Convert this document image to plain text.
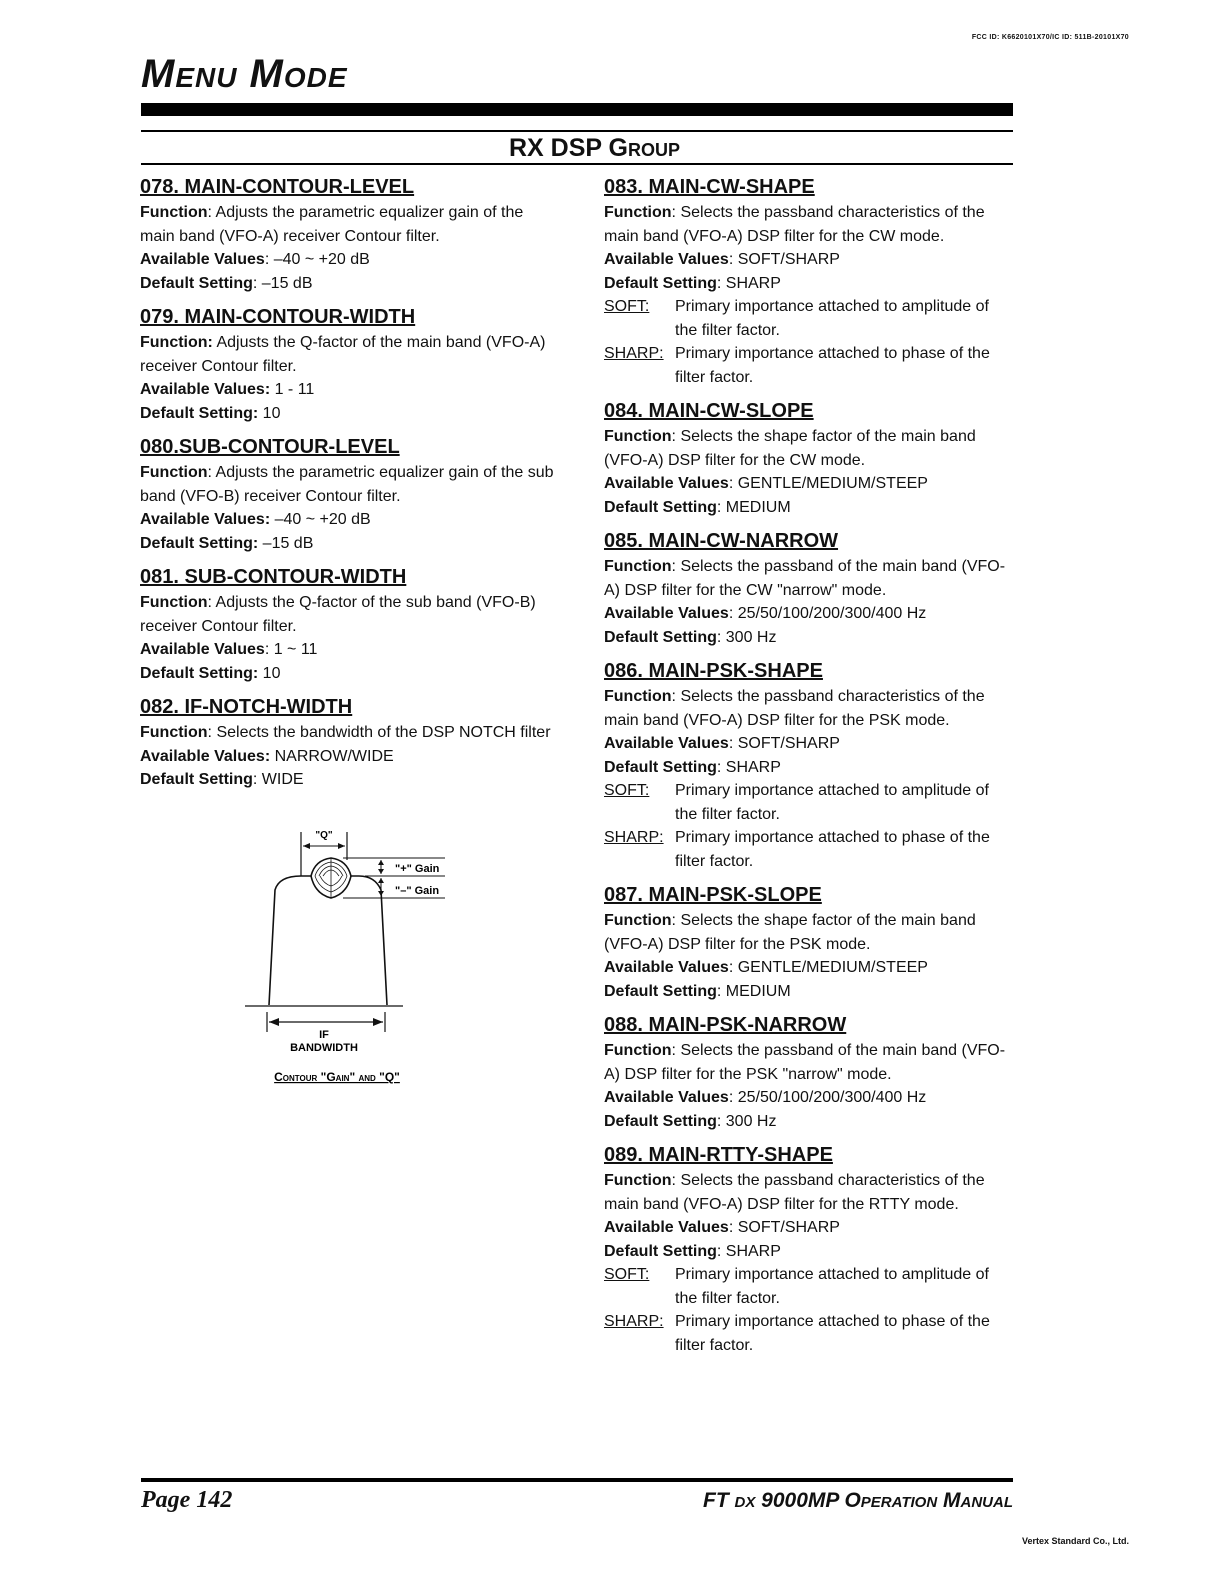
FCC ID: K6620101X70/IC ID: 511B-20101X70
Menu Mode
RX DSP Group
078. MAIN-CONTOUR-LEVEL

Function: Adjusts the parametric equalizer gain of the main band (VFO-A) receiver Contour filter.

Available Values: –40 ~ +20 dB

Default Setting: –15 dB

079. MAIN-CONTOUR-WIDTH

Function: Adjusts the Q-factor of the main band (VFO-A) receiver Contour filter.

Available Values: 1 - 11

Default Setting: 10

080.SUB-CONTOUR-LEVEL

Function: Adjusts the parametric equalizer gain of the sub band (VFO-B) receiver Contour filter.

Available Values: –40 ~ +20 dB

Default Setting: –15 dB

081. SUB-CONTOUR-WIDTH

Function: Adjusts the Q-factor of the sub band (VFO-B) receiver Contour filter.

Available Values: 1 ~ 11

Default Setting: 10

082. IF-NOTCH-WIDTH

Function: Selects the bandwidth of the DSP NOTCH filter

Available Values: NARROW/WIDE

Default Setting: WIDE

083. MAIN-CW-SHAPE

Function: Selects the passband characteristics of the main band (VFO-A) DSP filter for the CW mode.

Available Values: SOFT/SHARP

Default Setting: SHARP

SOFT:	Primary importance attached to amplitude of the filter factor.
SHARP: Primary importance attached to phase of the filter factor.
084. MAIN-CW-SLOPE

Function: Selects the shape factor of the main band (VFO-A) DSP filter for the CW mode.

Available Values: GENTLE/MEDIUM/STEEP

Default Setting: MEDIUM

085. MAIN-CW-NARROW

Function: Selects the passband of the main band (VFO-A) DSP filter for the CW "narrow" mode.

Available Values: 25/50/100/200/300/400 Hz

Default Setting: 300 Hz

086. MAIN-PSK-SHAPE

Function: Selects the passband characteristics of the main band (VFO-A) DSP filter for the PSK mode.

Available Values: SOFT/SHARP

Default Setting: SHARP

SOFT:	Primary importance attached to amplitude of the filter factor.
SHARP: Primary importance attached to phase of the filter factor.
087. MAIN-PSK-SLOPE

Function: Selects the shape factor of the main band (VFO-A) DSP filter for the PSK mode.

Available Values: GENTLE/MEDIUM/STEEP

Default Setting: MEDIUM

088. MAIN-PSK-NARROW

Function: Selects the passband of the main band (VFO-A) DSP filter for the PSK "narrow" mode.

Available Values: 25/50/100/200/300/400 Hz

Default Setting: 300 Hz

089. MAIN-RTTY-SHAPE

Function: Selects the passband characteristics of the main band (VFO-A) DSP filter for the RTTY mode.

Available Values: SOFT/SHARP

Default Setting: SHARP

SOFT:	Primary importance attached to amplitude of the filter factor.
SHARP: Primary importance attached to phase of the filter factor.
"Q"
"+" Gain
"–" Gain
IF
BANDWIDTH
Contour "Gain" and "Q"
Page 142	FT dx 9000MP Operation Manual
Vertex Standard Co., Ltd.
